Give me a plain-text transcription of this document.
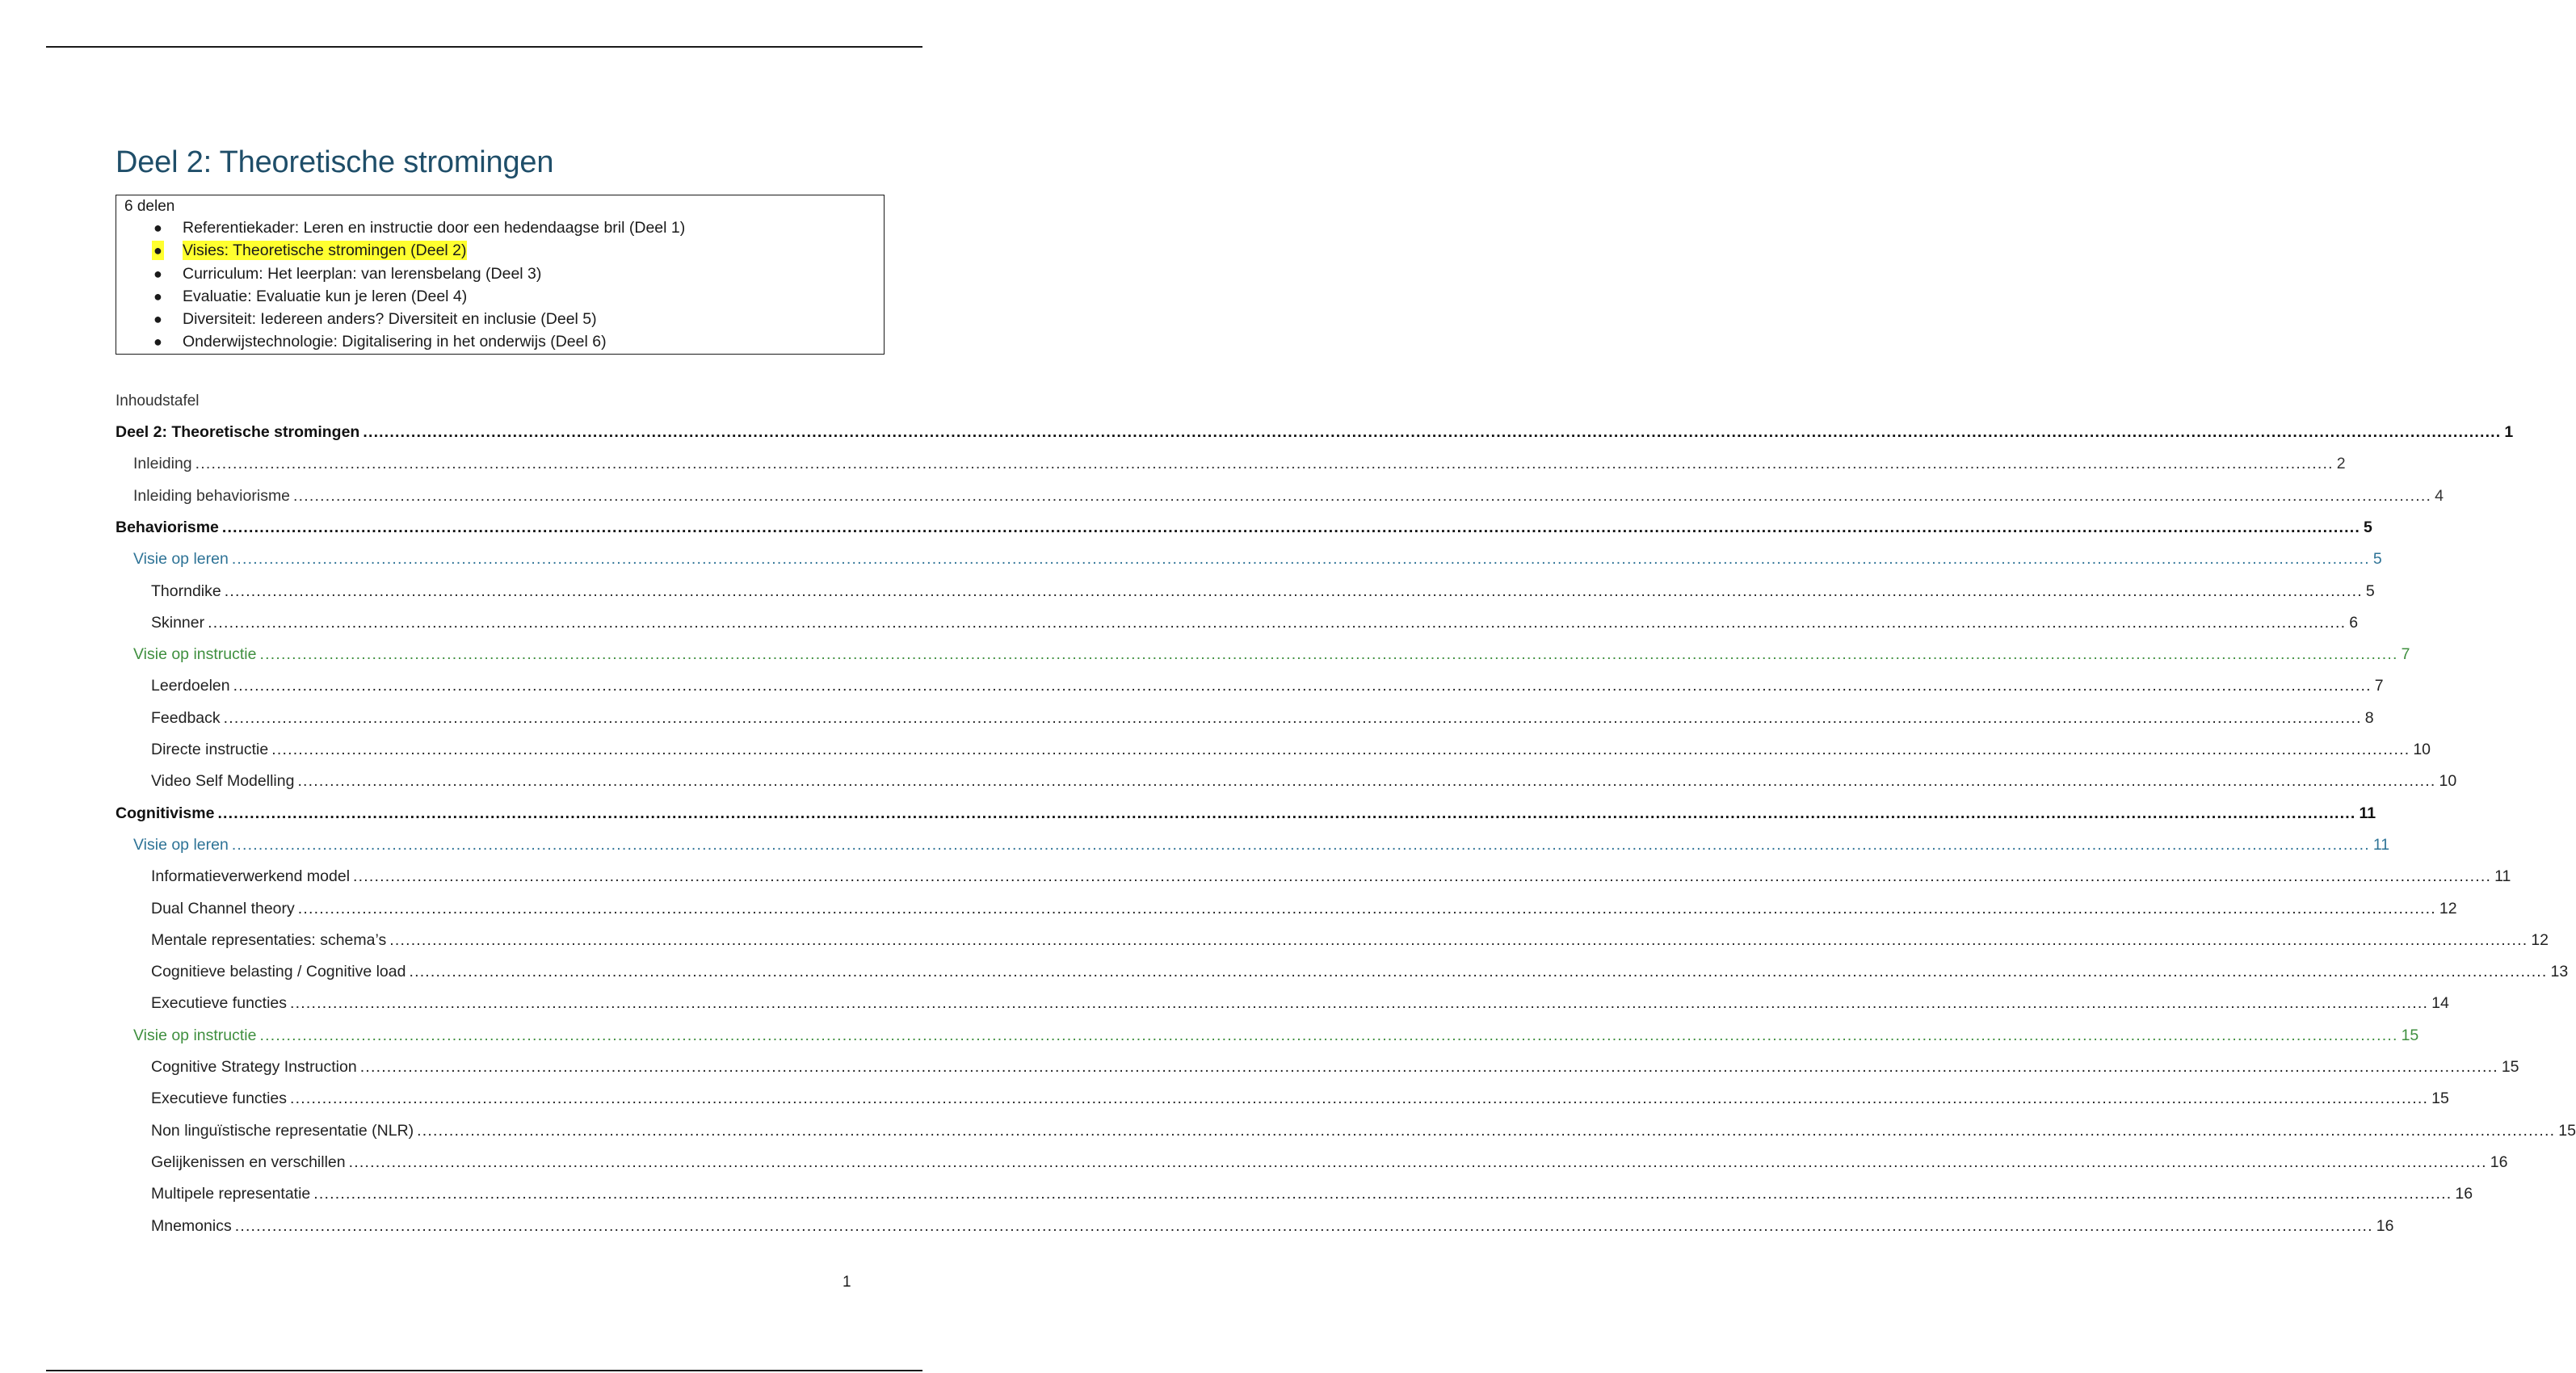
Deel 2: Theoretische stromingen
6 delen
● Referentiekader: Leren en instructie door een hedendaagse bril (Deel 1)
● Visies: Theoretische stromingen (Deel 2)
● Curriculum: Het leerplan: van lerensbelang (Deel 3)
● Evaluatie: Evaluatie kun je leren (Deel 4)
● Diversiteit: Iedereen anders? Diversiteit en inclusie (Deel 5)
● Onderwijstechnologie: Digitalisering in het onderwijs (Deel 6)
Inhoudstafel
Deel 2: Theoretische stromingen ................................................................................................................................................................................................................................................................................................................................................................................................................ 1
Inleiding ................................................................................................................................................................................................................................................................................................................................................................................................................ 2
Inleiding behaviorisme ................................................................................................................................................................................................................................................................................................................................................................................................................ 4
Behaviorisme ................................................................................................................................................................................................................................................................................................................................................................................................................ 5
Visie op leren ................................................................................................................................................................................................................................................................................................................................................................................................................ 5
Thorndike ................................................................................................................................................................................................................................................................................................................................................................................................................ 5
Skinner ................................................................................................................................................................................................................................................................................................................................................................................................................ 6
Visie op instructie ................................................................................................................................................................................................................................................................................................................................................................................................................ 7
Leerdoelen ................................................................................................................................................................................................................................................................................................................................................................................................................ 7
Feedback ................................................................................................................................................................................................................................................................................................................................................................................................................ 8
Directe instructie ................................................................................................................................................................................................................................................................................................................................................................................................................ 10
Video Self Modelling ................................................................................................................................................................................................................................................................................................................................................................................................................ 10
Cognitivisme ................................................................................................................................................................................................................................................................................................................................................................................................................ 11
Visie op leren ................................................................................................................................................................................................................................................................................................................................................................................................................ 11
Informatieverwerkend model ................................................................................................................................................................................................................................................................................................................................................................................................................ 11
Dual Channel theory ................................................................................................................................................................................................................................................................................................................................................................................................................ 12
Mentale representaties: schema’s ................................................................................................................................................................................................................................................................................................................................................................................................................ 12
Cognitieve belasting / Cognitive load ................................................................................................................................................................................................................................................................................................................................................................................................................ 13
Executieve functies ................................................................................................................................................................................................................................................................................................................................................................................................................ 14
Visie op instructie ................................................................................................................................................................................................................................................................................................................................................................................................................ 15
Cognitive Strategy Instruction ................................................................................................................................................................................................................................................................................................................................................................................................................ 15
Executieve functies ................................................................................................................................................................................................................................................................................................................................................................................................................ 15
Non linguïstische representatie (NLR) ................................................................................................................................................................................................................................................................................................................................................................................................................ 15
Gelijkenissen en verschillen ................................................................................................................................................................................................................................................................................................................................................................................................................ 16
Multipele representatie ................................................................................................................................................................................................................................................................................................................................................................................................................ 16
Mnemonics ................................................................................................................................................................................................................................................................................................................................................................................................................ 16
1
